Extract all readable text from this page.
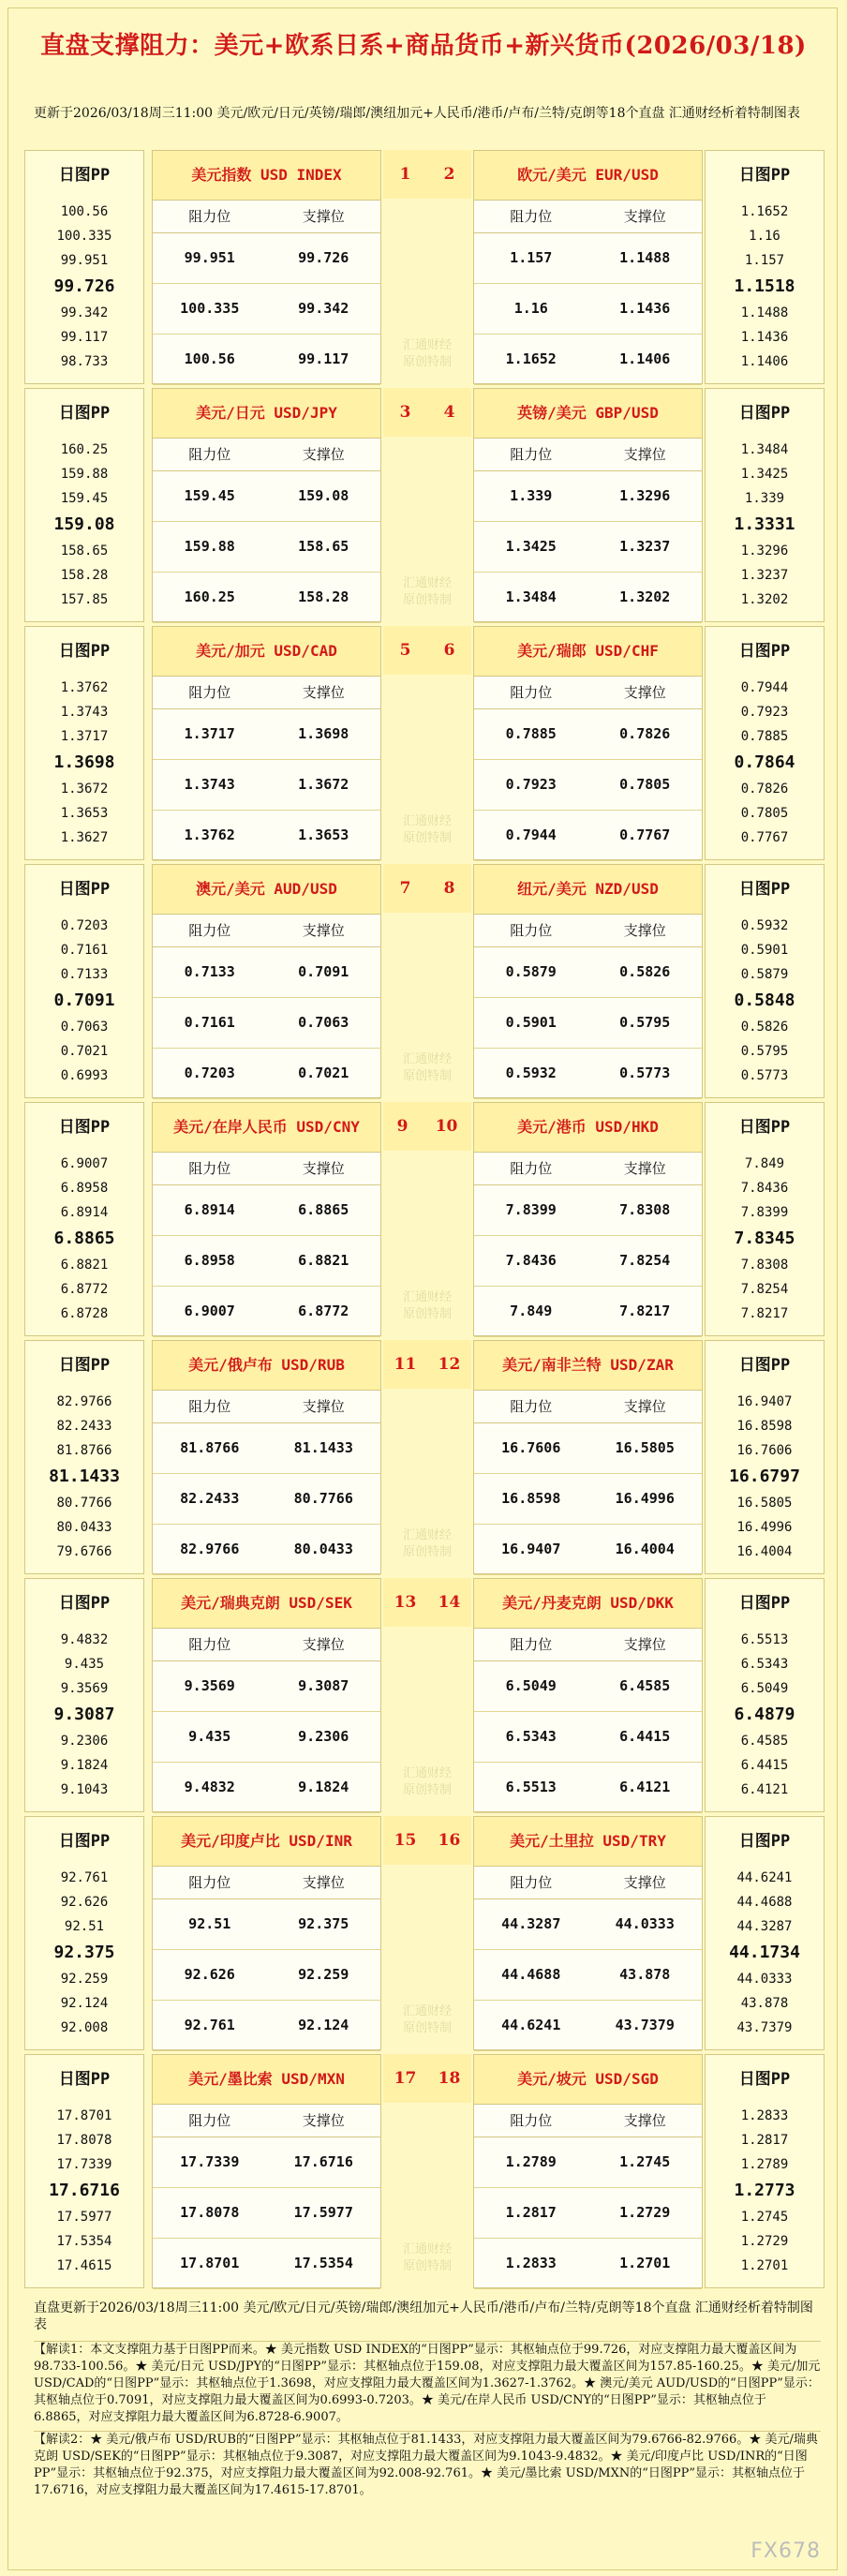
直盘支撑阻力：美元+欧系日系+商品货币+新兴货币(2026/03/18)
更新于2026/03/18周三11:00 美元/欧元/日元/英镑/瑞郎/澳纽加元+人民币/港币/卢布/兰特/克朗等18个直盘 汇通财经析着特制图表
日图PP
100.56
100.335
99.951
99.726
99.342
99.117
98.733
美元指数 USD INDEX
阻力位	支撑位
99.951	99.726
100.335	99.342
100.56	99.117
1 2
汇通财经
原创特制
欧元/美元 EUR/USD
阻力位	支撑位
1.157	1.1488
1.16	1.1436
1.1652	1.1406
日图PP
1.1652
1.16
1.157
1.1518
1.1488
1.1436
1.1406
日图PP
160.25
159.88
159.45
159.08
158.65
158.28
157.85
美元/日元 USD/JPY
阻力位	支撑位
159.45	159.08
159.88	158.65
160.25	158.28
3 4
汇通财经
原创特制
英镑/美元 GBP/USD
阻力位	支撑位
1.339	1.3296
1.3425	1.3237
1.3484	1.3202
日图PP
1.3484
1.3425
1.339
1.3331
1.3296
1.3237
1.3202
日图PP
1.3762
1.3743
1.3717
1.3698
1.3672
1.3653
1.3627
美元/加元 USD/CAD
阻力位	支撑位
1.3717	1.3698
1.3743	1.3672
1.3762	1.3653
5 6
汇通财经
原创特制
美元/瑞郎 USD/CHF
阻力位	支撑位
0.7885	0.7826
0.7923	0.7805
0.7944	0.7767
日图PP
0.7944
0.7923
0.7885
0.7864
0.7826
0.7805
0.7767
日图PP
0.7203
0.7161
0.7133
0.7091
0.7063
0.7021
0.6993
澳元/美元 AUD/USD
阻力位	支撑位
0.7133	0.7091
0.7161	0.7063
0.7203	0.7021
7 8
汇通财经
原创特制
纽元/美元 NZD/USD
阻力位	支撑位
0.5879	0.5826
0.5901	0.5795
0.5932	0.5773
日图PP
0.5932
0.5901
0.5879
0.5848
0.5826
0.5795
0.5773
日图PP
6.9007
6.8958
6.8914
6.8865
6.8821
6.8772
6.8728
美元/在岸人民币 USD/CNY
阻力位	支撑位
6.8914	6.8865
6.8958	6.8821
6.9007	6.8772
9 10
汇通财经
原创特制
美元/港币 USD/HKD
阻力位	支撑位
7.8399	7.8308
7.8436	7.8254
7.849	7.8217
日图PP
7.849
7.8436
7.8399
7.8345
7.8308
7.8254
7.8217
日图PP
82.9766
82.2433
81.8766
81.1433
80.7766
80.0433
79.6766
美元/俄卢布 USD/RUB
阻力位	支撑位
81.8766	81.1433
82.2433	80.7766
82.9766	80.0433
11 12
汇通财经
原创特制
美元/南非兰特 USD/ZAR
阻力位	支撑位
16.7606	16.5805
16.8598	16.4996
16.9407	16.4004
日图PP
16.9407
16.8598
16.7606
16.6797
16.5805
16.4996
16.4004
日图PP
9.4832
9.435
9.3569
9.3087
9.2306
9.1824
9.1043
美元/瑞典克朗 USD/SEK
阻力位	支撑位
9.3569	9.3087
9.435	9.2306
9.4832	9.1824
13 14
汇通财经
原创特制
美元/丹麦克朗 USD/DKK
阻力位	支撑位
6.5049	6.4585
6.5343	6.4415
6.5513	6.4121
日图PP
6.5513
6.5343
6.5049
6.4879
6.4585
6.4415
6.4121
日图PP
92.761
92.626
92.51
92.375
92.259
92.124
92.008
美元/印度卢比 USD/INR
阻力位	支撑位
92.51	92.375
92.626	92.259
92.761	92.124
15 16
汇通财经
原创特制
美元/土里拉 USD/TRY
阻力位	支撑位
44.3287	44.0333
44.4688	43.878
44.6241	43.7379
日图PP
44.6241
44.4688
44.3287
44.1734
44.0333
43.878
43.7379
日图PP
17.8701
17.8078
17.7339
17.6716
17.5977
17.5354
17.4615
美元/墨比索 USD/MXN
阻力位	支撑位
17.7339	17.6716
17.8078	17.5977
17.8701	17.5354
17 18
汇通财经
原创特制
美元/坡元 USD/SGD
阻力位	支撑位
1.2789	1.2745
1.2817	1.2729
1.2833	1.2701
日图PP
1.2833
1.2817
1.2789
1.2773
1.2745
1.2729
1.2701
直盘更新于2026/03/18周三11:00 美元/欧元/日元/英镑/瑞郎/澳纽加元+人民币/港币/卢布/兰特/克朗等18个直盘 汇通财经析着特制图表
【解读1：本文支撑阻力基于日图PP而来。★ 美元指数 USD INDEX的“日图PP”显示：其枢轴点位于99.726，对应支撑阻力最大覆盖区间为98.733-100.56。★ 美元/日元 USD/JPY的“日图PP”显示：其枢轴点位于159.08，对应支撑阻力最大覆盖区间为157.85-160.25。★ 美元/加元 USD/CAD的“日图PP”显示：其枢轴点位于1.3698，对应支撑阻力最大覆盖区间为1.3627-1.3762。★ 澳元/美元 AUD/USD的“日图PP”显示：其枢轴点位于0.7091，对应支撑阻力最大覆盖区间为0.6993-0.7203。★ 美元/在岸人民币 USD/CNY的“日图PP”显示：其枢轴点位于6.8865，对应支撑阻力最大覆盖区间为6.8728-6.9007。
【解读2：★ 美元/俄卢布 USD/RUB的“日图PP”显示：其枢轴点位于81.1433，对应支撑阻力最大覆盖区间为79.6766-82.9766。★ 美元/瑞典克朗 USD/SEK的“日图PP”显示：其枢轴点位于9.3087，对应支撑阻力最大覆盖区间为9.1043-9.4832。★ 美元/印度卢比 USD/INR的“日图PP”显示：其枢轴点位于92.375，对应支撑阻力最大覆盖区间为92.008-92.761。★ 美元/墨比索 USD/MXN的“日图PP”显示：其枢轴点位于17.6716，对应支撑阻力最大覆盖区间为17.4615-17.8701。
FX678
